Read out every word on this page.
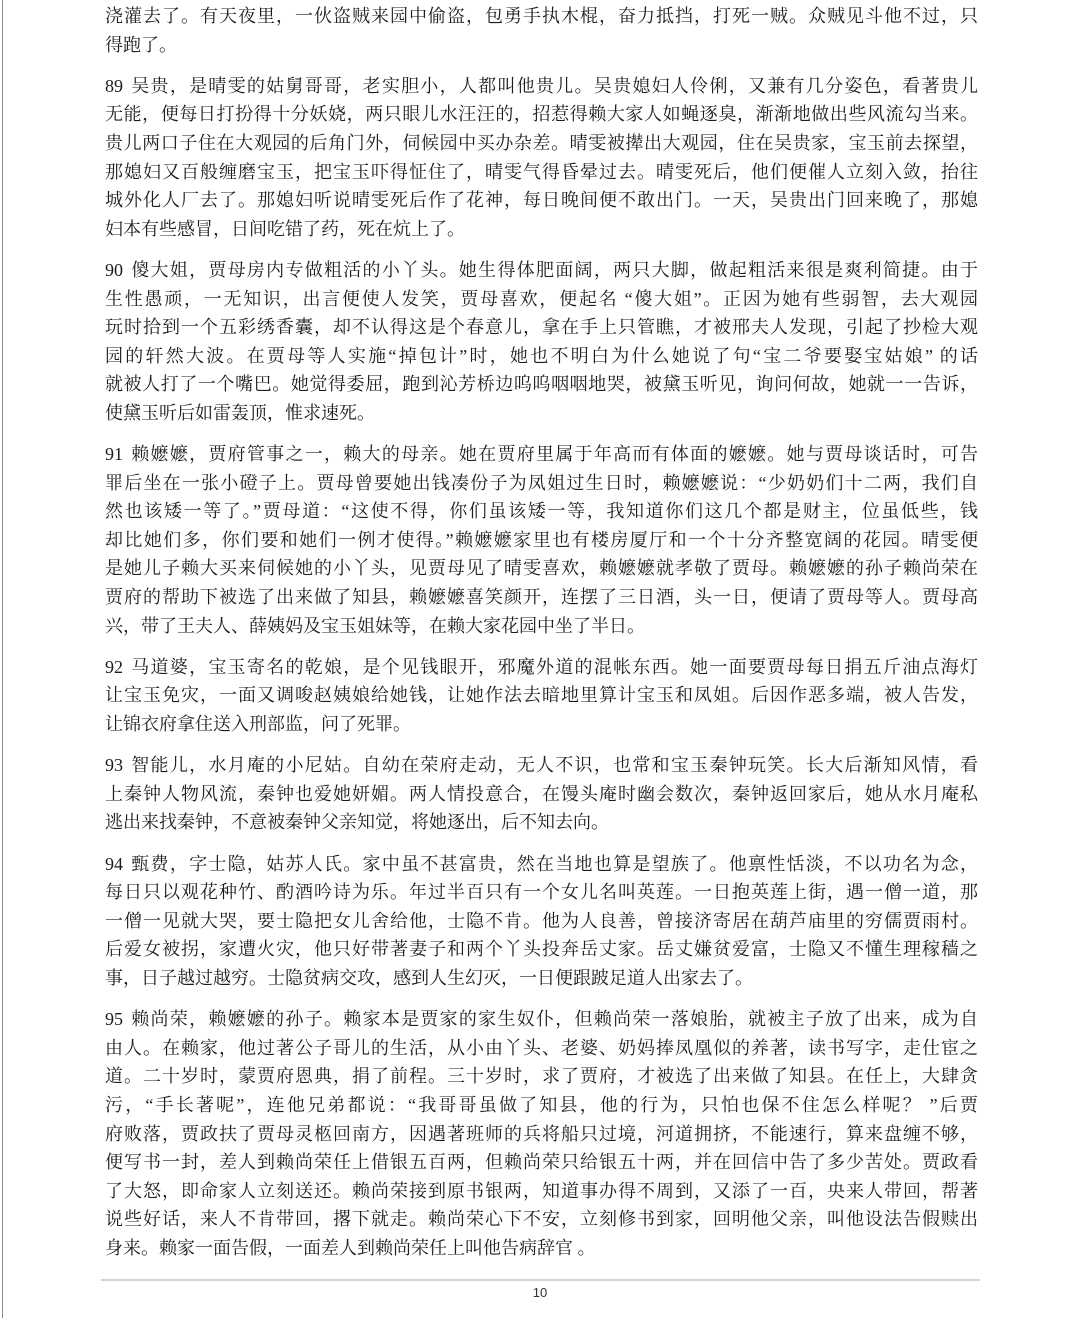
浇灌去了。有天夜里，一伙盗贼来园中偷盗，包勇手执木棍，奋力抵挡，打死一贼。众贼见斗他不过，只
得跑了。
89 吴贵，是晴雯的姑舅哥哥，老实胆小，人都叫他贵儿。吴贵媳妇人伶俐，又兼有几分姿色，看著贵儿
无能，便每日打扮得十分妖娆，两只眼儿水汪汪的，招惹得赖大家人如蝇逐臭，渐渐地做出些风流勾当来。
贵儿两口子住在大观园的后角门外，伺候园中买办杂差。晴雯被撵出大观园，住在吴贵家，宝玉前去探望，
那媳妇又百般缠磨宝玉，把宝玉吓得怔住了，晴雯气得昏晕过去。晴雯死后，他们便催人立刻入敛，抬往
城外化人厂去了。那媳妇听说晴雯死后作了花神，每日晚间便不敢出门。一天，吴贵出门回来晚了，那媳
妇本有些感冒，日间吃错了药，死在炕上了。
90 傻大姐，贾母房内专做粗活的小丫头。她生得体肥面阔，两只大脚，做起粗活来很是爽利简捷。由于
生性愚顽，一无知识，出言便使人发笑，贾母喜欢，便起名 “傻大姐”。正因为她有些弱智，去大观园
玩时拾到一个五彩绣香囊，却不认得这是个春意儿，拿在手上只管瞧，才被邢夫人发现，引起了抄检大观
园的轩然大波。在贾母等人实施“掉包计”时，她也不明白为什么她说了句“宝二爷要娶宝姑娘” 的话
就被人打了一个嘴巴。她觉得委屈，跑到沁芳桥边呜呜咽咽地哭，被黛玉听见，询问何故，她就一一告诉，
使黛玉听后如雷轰顶，惟求速死。
91 赖嬷嬷，贾府管事之一，赖大的母亲。她在贾府里属于年高而有体面的嬷嬷。她与贾母谈话时，可告
罪后坐在一张小磴子上。贾母曾要她出钱凑份子为凤姐过生日时，赖嬷嬷说：“少奶奶们十二两，我们自
然也该矮一等了。”贾母道：“这使不得，你们虽该矮一等，我知道你们这几个都是财主，位虽低些，钱
却比她们多，你们要和她们一例才使得。”赖嬷嬷家里也有楼房厦厅和一个十分齐整宽阔的花园。晴雯便
是她儿子赖大买来伺候她的小丫头，见贾母见了晴雯喜欢，赖嬷嬷就孝敬了贾母。赖嬷嬷的孙子赖尚荣在
贾府的帮助下被选了出来做了知县，赖嬷嬷喜笑颜开，连摆了三日酒，头一日，便请了贾母等人。贾母高
兴，带了王夫人、薛姨妈及宝玉姐妹等，在赖大家花园中坐了半日。
92 马道婆，宝玉寄名的乾娘，是个见钱眼开，邪魔外道的混帐东西。她一面要贾母每日捐五斤油点海灯
让宝玉免灾，一面又调唆赵姨娘给她钱，让她作法去暗地里算计宝玉和凤姐。后因作恶多端，被人告发，
让锦衣府拿住送入刑部监，问了死罪。
93 智能儿，水月庵的小尼姑。自幼在荣府走动，无人不识，也常和宝玉秦钟玩笑。长大后渐知风情，看
上秦钟人物风流，秦钟也爱她妍媚。两人情投意合，在馒头庵时幽会数次，秦钟返回家后，她从水月庵私
逃出来找秦钟，不意被秦钟父亲知觉，将她逐出，后不知去向。
94 甄费，字士隐，姑苏人氏。家中虽不甚富贵，然在当地也算是望族了。他禀性恬淡，不以功名为念，
每日只以观花种竹、酌酒吟诗为乐。年过半百只有一个女儿名叫英莲。一日抱英莲上街，遇一僧一道，那
一僧一见就大哭，要士隐把女儿舍给他，士隐不肯。他为人良善，曾接济寄居在葫芦庙里的穷儒贾雨村。
后爱女被拐，家遭火灾，他只好带著妻子和两个丫头投奔岳丈家。岳丈嫌贫爱富，士隐又不懂生理稼穑之
事，日子越过越穷。士隐贫病交攻，感到人生幻灭，一日便跟跛足道人出家去了。
95 赖尚荣，赖嬷嬷的孙子。赖家本是贾家的家生奴仆，但赖尚荣一落娘胎，就被主子放了出来，成为自
由人。在赖家，他过著公子哥儿的生活，从小由丫头、老婆、奶妈捧凤凰似的养著，读书写字，走仕宦之
道。二十岁时，蒙贾府恩典，捐了前程。三十岁时，求了贾府，才被选了出来做了知县。在任上，大肆贪
污，“手长著呢”，连他兄弟都说：“我哥哥虽做了知县，他的行为，只怕也保不住怎么样呢？ ”后贾
府败落，贾政扶了贾母灵柩回南方，因遇著班师的兵将船只过境，河道拥挤，不能速行，算来盘缠不够，
便写书一封，差人到赖尚荣任上借银五百两，但赖尚荣只给银五十两，并在回信中告了多少苦处。贾政看
了大怒，即命家人立刻送还。赖尚荣接到原书银两，知道事办得不周到，又添了一百，央来人带回，帮著
说些好话，来人不肯带回，撂下就走。赖尚荣心下不安，立刻修书到家，回明他父亲，叫他设法告假赎出
身来。赖家一面告假，一面差人到赖尚荣任上叫他告病辞官 。
10
